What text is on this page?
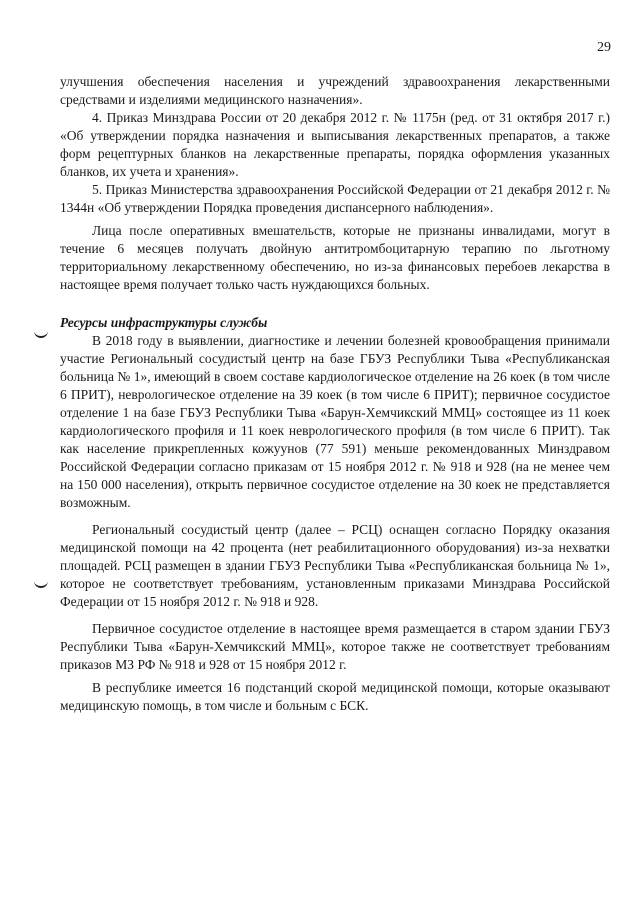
29

улучшения обеспечения населения и учреждений здравоохранения лекарственными средствами и изделиями медицинского назначения».

4. Приказ Минздрава России от 20 декабря 2012 г. № 1175н (ред. от 31 октября 2017 г.) «Об утверждении порядка назначения и выписывания лекарственных препаратов, а также форм рецептурных бланков на лекарственные препараты, порядка оформления указанных бланков, их учета и хранения».

5. Приказ Министерства здравоохранения Российской Федерации от 21 декабря 2012 г. № 1344н «Об утверждении Порядка проведения диспансерного наблюдения».

Лица после оперативных вмешательств, которые не признаны инвалидами, могут в течение 6 месяцев получать двойную антитромбоцитарную терапию по льготному территориальному лекарственному обеспечению, но из-за финансовых перебоев лекарства в настоящее время получает только часть нуждающихся больных.

Ресурсы инфраструктуры службы

В 2018 году в выявлении, диагностике и лечении болезней кровообращения принимали участие Региональный сосудистый центр на базе ГБУЗ Республики Тыва «Республиканская больница № 1», имеющий в своем составе кардиологическое отделение на 26 коек (в том числе 6 ПРИТ), неврологическое отделение на 39 коек (в том числе 6 ПРИТ); первичное сосудистое отделение 1 на базе ГБУЗ Республики Тыва «Барун-Хемчикский ММЦ» состоящее из 11 коек кардиологического профиля и 11 коек неврологического профиля (в том числе 6 ПРИТ). Так как население прикрепленных кожуунов (77 591) меньше рекомендованных Минздравом Российской Федерации согласно приказам от 15 ноября 2012 г. № 918 и 928 (на не менее чем на 150 000 населения), открыть первичное сосудистое отделение на 30 коек не представляется возможным.

Региональный сосудистый центр (далее – РСЦ) оснащен согласно Порядку оказания медицинской помощи на 42 процента (нет реабилитационного оборудования) из-за нехватки площадей. РСЦ размещен в здании ГБУЗ Республики Тыва «Республиканская больница № 1», которое не соответствует требованиям, установленным приказами Минздрава Российской Федерации от 15 ноября 2012 г. № 918 и 928.

Первичное сосудистое отделение в настоящее время размещается в старом здании ГБУЗ Республики Тыва «Барун-Хемчикский ММЦ», которое также не соответствует требованиям приказов МЗ РФ № 918 и 928 от 15 ноября 2012 г.

В республике имеется 16 подстанций скорой медицинской помощи, которые оказывают медицинскую помощь, в том числе и больным с БСК.
